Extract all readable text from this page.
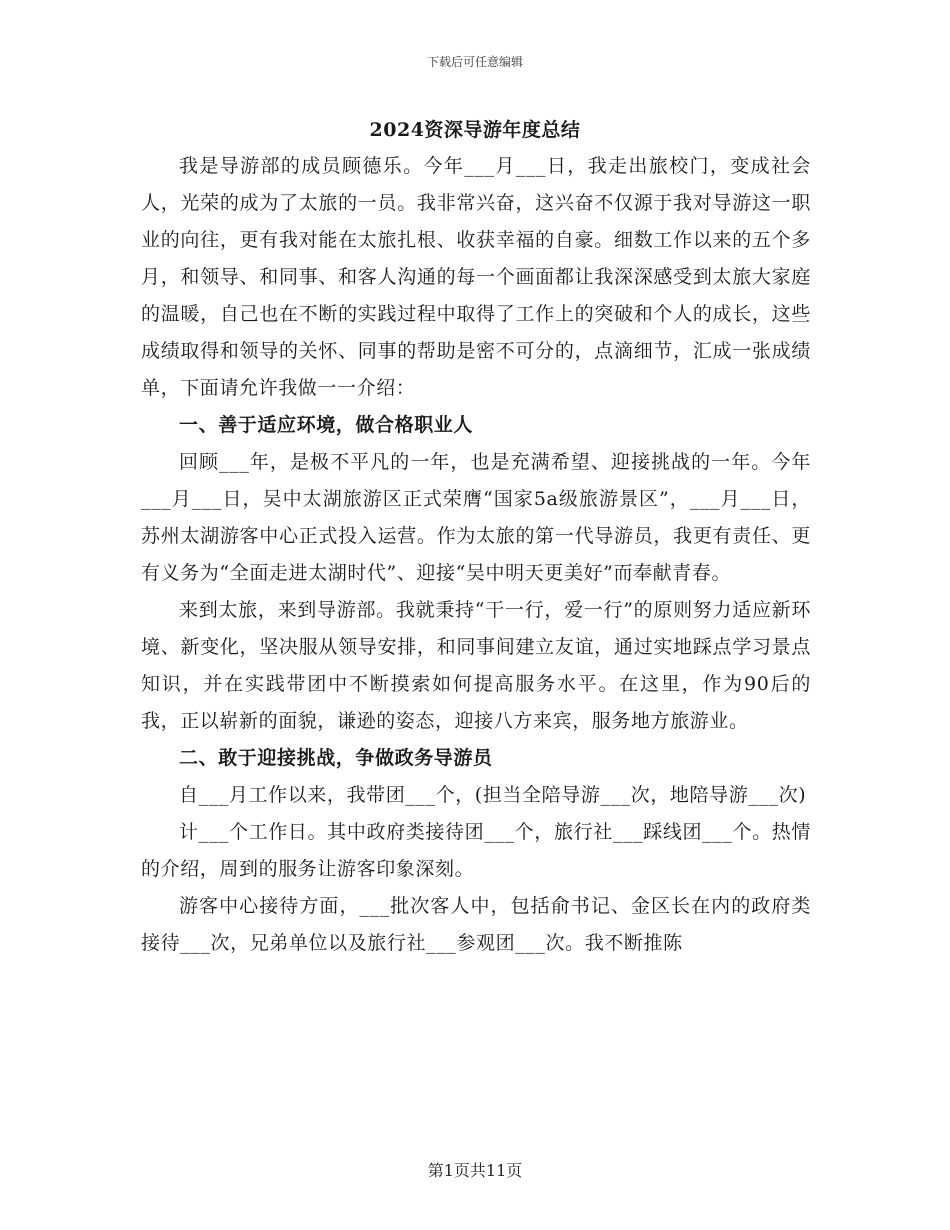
下载后可任意编辑
2024资深导游年度总结

我是导游部的成员顾德乐。今年___月___日，我走出旅校门，变成社会人，光荣的成为了太旅的一员。我非常兴奋，这兴奋不仅源于我对导游这一职业的向往，更有我对能在太旅扎根、收获幸福的自豪。细数工作以来的五个多月，和领导、和同事、和客人沟通的每一个画面都让我深深感受到太旅大家庭的温暖，自己也在不断的实践过程中取得了工作上的突破和个人的成长，这些成绩取得和领导的关怀、同事的帮助是密不可分的，点滴细节，汇成一张成绩单，下面请允许我做一一介绍：

一、善于适应环境，做合格职业人

回顾___年，是极不平凡的一年，也是充满希望、迎接挑战的一年。今年___月___日，吴中太湖旅游区正式荣膺“国家5a级旅游景区”，___月___日，苏州太湖游客中心正式投入运营。作为太旅的第一代导游员，我更有责任、更有义务为“全面走进太湖时代”、迎接“吴中明天更美好”而奉献青春。

来到太旅，来到导游部。我就秉持“干一行，爱一行”的原则努力适应新环境、新变化，坚决服从领导安排，和同事间建立友谊，通过实地踩点学习景点知识，并在实践带团中不断摸索如何提高服务水平。在这里，作为90后的我，正以崭新的面貌，谦逊的姿态，迎接八方来宾，服务地方旅游业。

二、敢于迎接挑战，争做政务导游员

自___月工作以来，我带团___个，(担当全陪导游___次，地陪导游___次)

计___个工作日。其中政府类接待团___个，旅行社___踩线团___个。热情的介绍，周到的服务让游客印象深刻。

游客中心接待方面，___批次客人中，包括俞书记、金区长在内的政府类接待___次，兄弟单位以及旅行社___参观团___次。我不断推陈

第1页共11页
